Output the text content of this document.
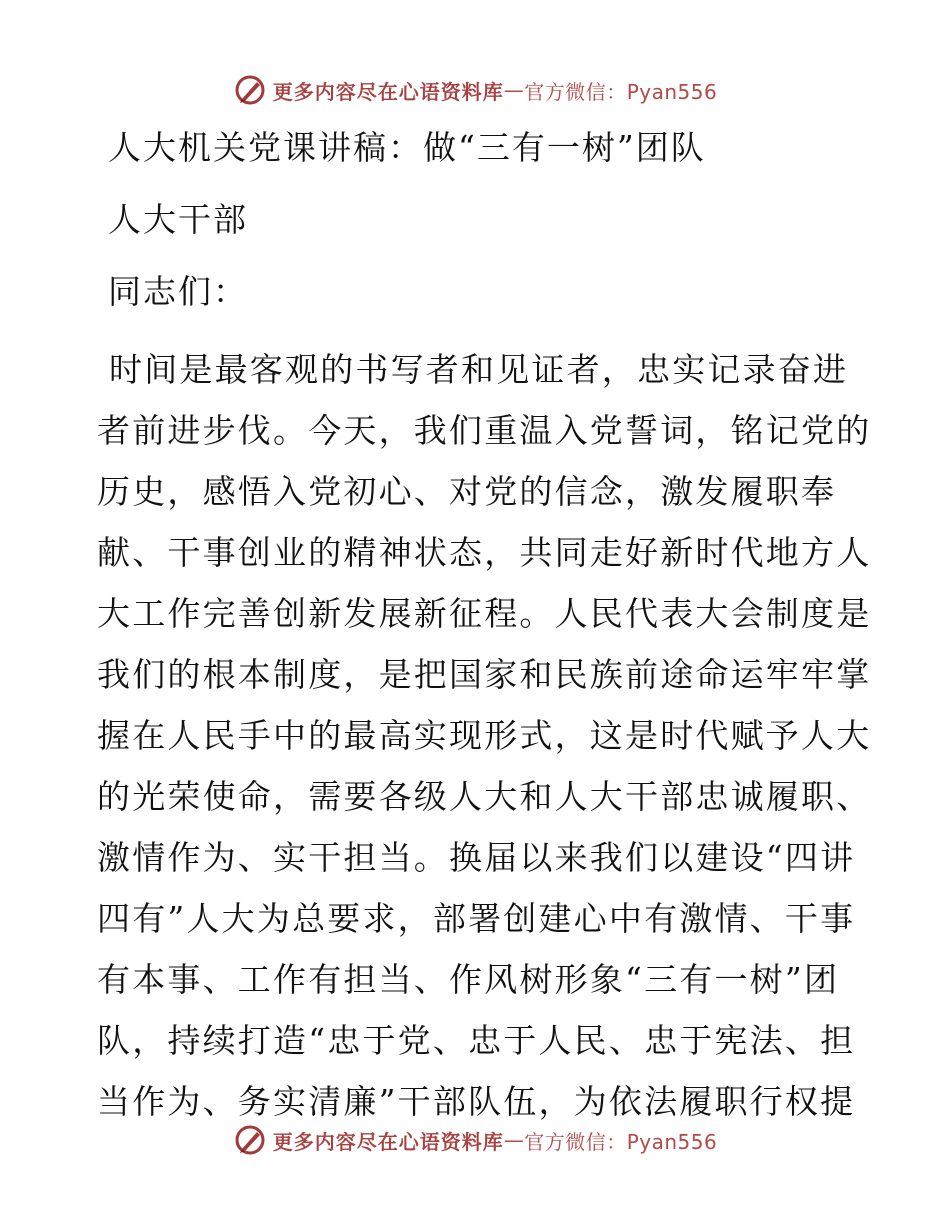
更多内容尽在心语资料库 — 官方微信：Pyan556
人大机关党课讲稿：做“三有一树”团队
人大干部
同志们：
时间是最客观的书写者和见证者，忠实记录奋进
者前进步伐。今天，我们重温入党誓词，铭记党的
历史，感悟入党初心、对党的信念，激发履职奉
献、干事创业的精神状态，共同走好新时代地方人
大工作完善创新发展新征程。人民代表大会制度是
我们的根本制度，是把国家和民族前途命运牢牢掌
握在人民手中的最高实现形式，这是时代赋予人大
的光荣使命，需要各级人大和人大干部忠诚履职、
激情作为、实干担当。换届以来我们以建设“四讲
四有”人大为总要求，部署创建心中有激情、干事
有本事、工作有担当、作风树形象“三有一树”团
队，持续打造“忠于党、忠于人民、忠于宪法、担
当作为、务实清廉”干部队伍，为依法履职行权提
更多内容尽在心语资料库 — 官方微信：Pyan556
